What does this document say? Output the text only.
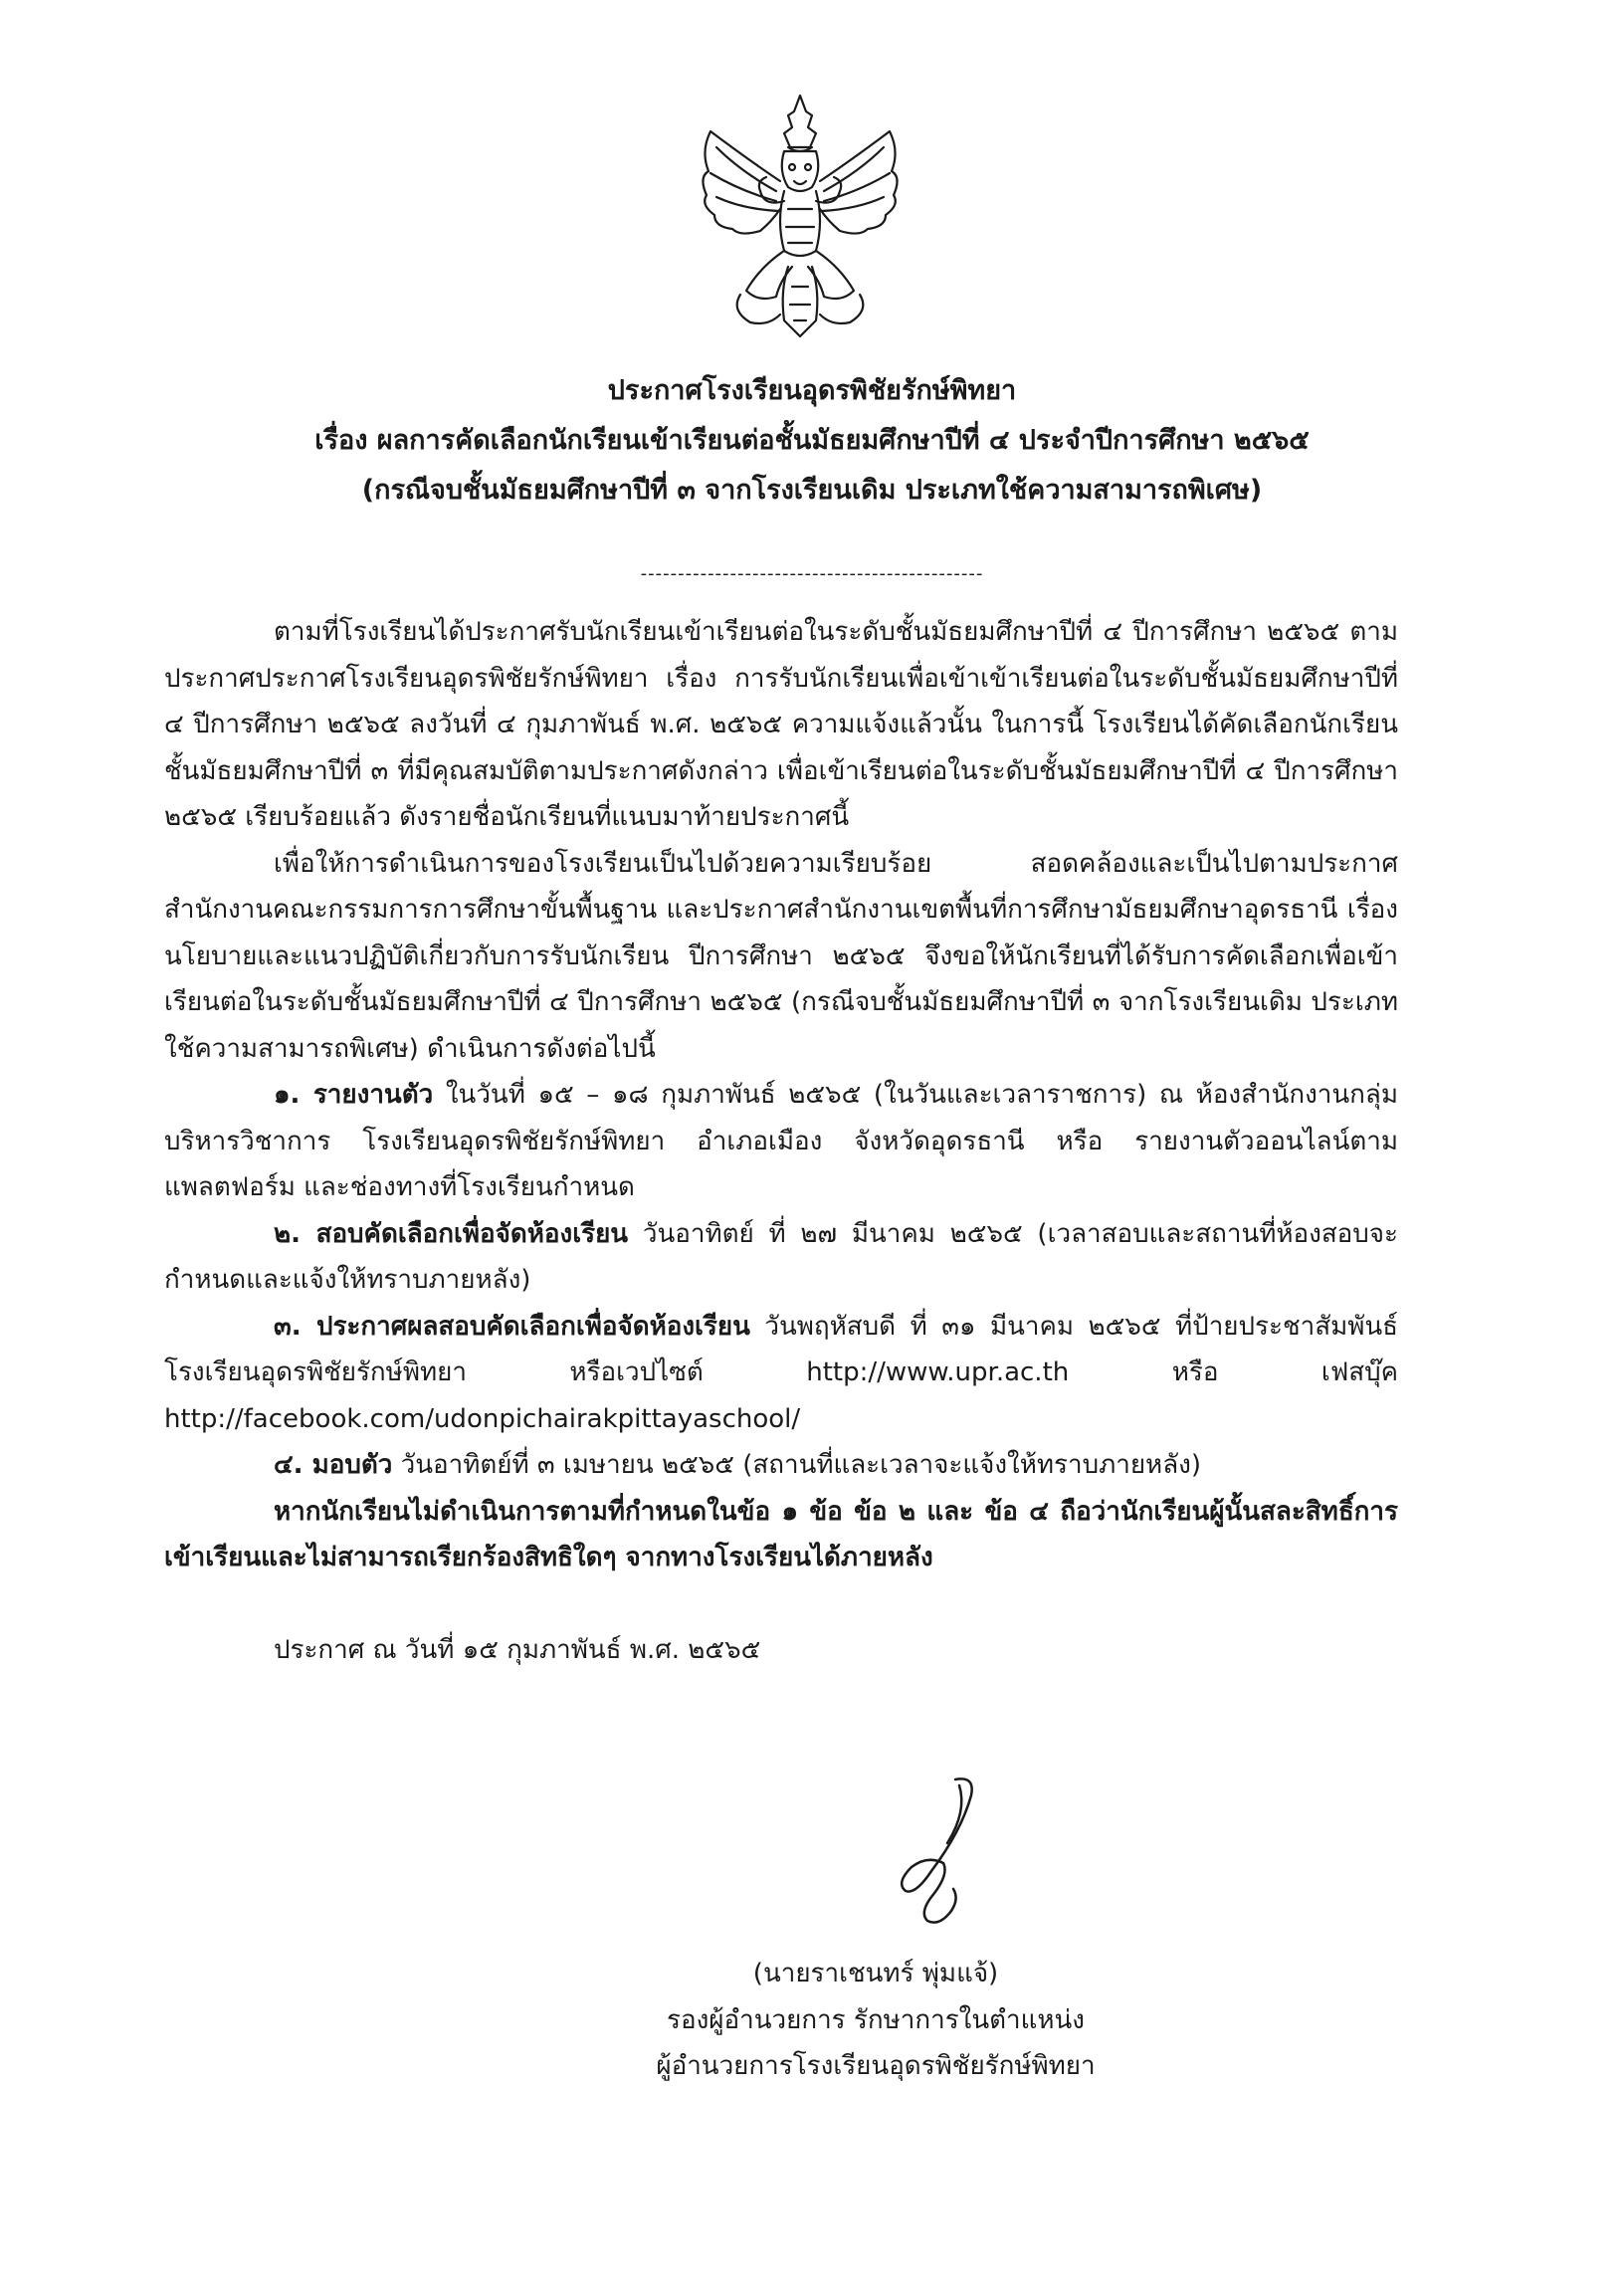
ประกาศโรงเรียนอุดรพิชัยรักษ์พิทยา
เรื่อง ผลการคัดเลือกนักเรียนเข้าเรียนต่อชั้นมัธยมศึกษาปีที่ ๔ ประจำปีการศึกษา ๒๕๖๕
(กรณีจบชั้นมัธยมศึกษาปีที่ ๓ จากโรงเรียนเดิม ประเภทใช้ความสามารถพิเศษ)
----------------------------------------------

ตามที่โรงเรียนได้ประกาศรับนักเรียนเข้าเรียนต่อในระดับชั้นมัธยมศึกษาปีที่ ๔ ปีการศึกษา ๒๕๖๕ ตามประกาศประกาศโรงเรียนอุดรพิชัยรักษ์พิทยา เรื่อง การรับนักเรียนเพื่อเข้าเข้าเรียนต่อในระดับชั้นมัธยมศึกษาปีที่ ๔ ปีการศึกษา ๒๕๖๕ ลงวันที่ ๔ กุมภาพันธ์ พ.ศ. ๒๕๖๕ ความแจ้งแล้วนั้น ในการนี้ โรงเรียนได้คัดเลือกนักเรียน ชั้นมัธยมศึกษาปีที่ ๓ ที่มีคุณสมบัติตามประกาศดังกล่าว เพื่อเข้าเรียนต่อในระดับชั้นมัธยมศึกษาปีที่ ๔ ปีการศึกษา ๒๕๖๕ เรียบร้อยแล้ว ดังรายชื่อนักเรียนที่แนบมาท้ายประกาศนี้

เพื่อให้การดำเนินการของโรงเรียนเป็นไปด้วยความเรียบร้อย สอดคล้องและเป็นไปตามประกาศสำนักงานคณะกรรมการการศึกษาขั้นพื้นฐาน และประกาศสำนักงานเขตพื้นที่การศึกษามัธยมศึกษาอุดรธานี เรื่อง นโยบายและแนวปฏิบัติเกี่ยวกับการรับนักเรียน ปีการศึกษา ๒๕๖๕ จึงขอให้นักเรียนที่ได้รับการคัดเลือกเพื่อเข้าเรียนต่อในระดับชั้นมัธยมศึกษาปีที่ ๔ ปีการศึกษา ๒๕๖๕ (กรณีจบชั้นมัธยมศึกษาปีที่ ๓ จากโรงเรียนเดิม ประเภทใช้ความสามารถพิเศษ) ดำเนินการดังต่อไปนี้

๑. รายงานตัว ในวันที่ ๑๕ – ๑๘ กุมภาพันธ์ ๒๕๖๕ (ในวันและเวลาราชการ) ณ ห้องสำนักงานกลุ่มบริหารวิชาการ โรงเรียนอุดรพิชัยรักษ์พิทยา อำเภอเมือง จังหวัดอุดรธานี หรือ รายงานตัวออนไลน์ตามแพลตฟอร์ม และช่องทางที่โรงเรียนกำหนด

๒. สอบคัดเลือกเพื่อจัดห้องเรียน วันอาทิตย์ ที่ ๒๗ มีนาคม ๒๕๖๕ (เวลาสอบและสถานที่ห้องสอบจะกำหนดและแจ้งให้ทราบภายหลัง)

๓. ประกาศผลสอบคัดเลือกเพื่อจัดห้องเรียน วันพฤหัสบดี ที่ ๓๑ มีนาคม ๒๕๖๕ ที่ป้ายประชาสัมพันธ์โรงเรียนอุดรพิชัยรักษ์พิทยา หรือเวปไซต์ http://www.upr.ac.th หรือ เฟสบุ๊ค http://facebook.com/udonpichairakpittayaschool/

๔. มอบตัว วันอาทิตย์ที่ ๓ เมษายน ๒๕๖๕ (สถานที่และเวลาจะแจ้งให้ทราบภายหลัง)

หากนักเรียนไม่ดำเนินการตามที่กำหนดในข้อ ๑ ข้อ ข้อ ๒ และ ข้อ ๔ ถือว่านักเรียนผู้นั้นสละสิทธิ์การเข้าเรียนและไม่สามารถเรียกร้องสิทธิใดๆ จากทางโรงเรียนได้ภายหลัง

ประกาศ ณ วันที่ ๑๕ กุมภาพันธ์ พ.ศ. ๒๕๖๕

(นายราเชนทร์ พุ่มแจ้)
รองผู้อำนวยการ รักษาการในตำแหน่ง
ผู้อำนวยการโรงเรียนอุดรพิชัยรักษ์พิทยา
